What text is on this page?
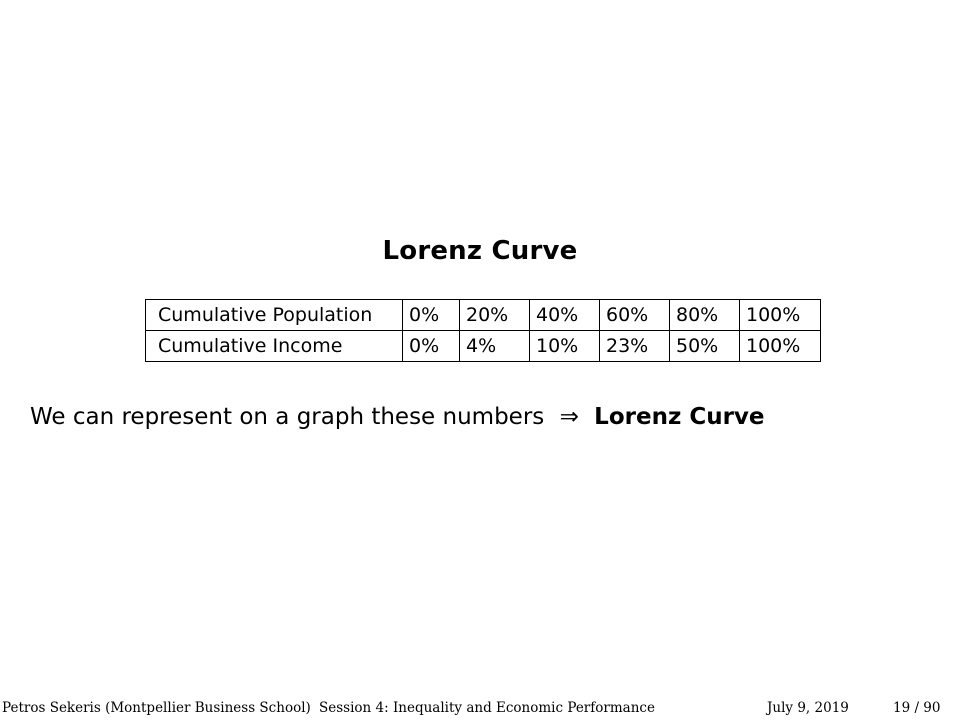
Lorenz Curve
Cumulative Population	0%	20%	40%	60%	80%	100%
Cumulative Income	0%	4%	10%	23%	50%	100%
We can represent on a graph these numbers ⇒ Lorenz Curve
Petros Sekeris (Montpellier Business School) Session 4: Inequality and Economic Performance	July 9, 2019	19 / 90
